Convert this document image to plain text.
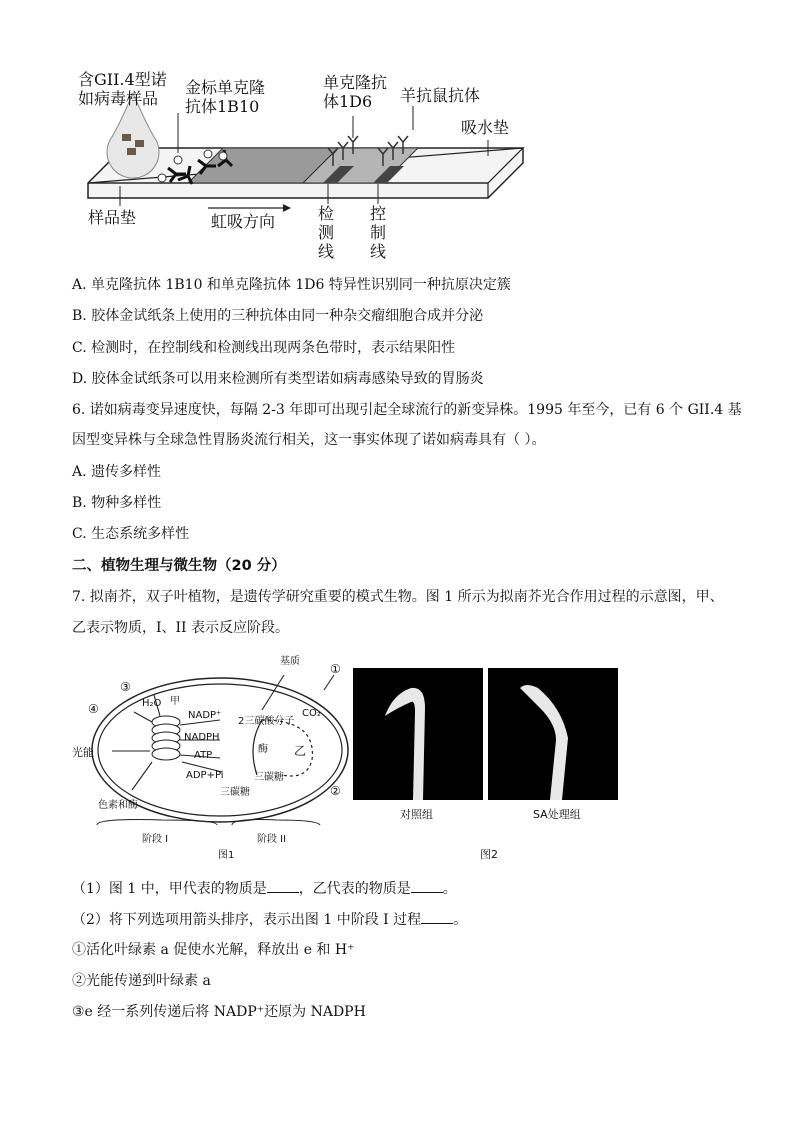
含GII.4型诺
如病毒样品
金标单克隆
抗体1B10
单克隆抗
体1D6	羊抗鼠抗体
吸水垫
样品垫	虹吸方向	检
测
线
控
制
线
A. 单克隆抗体 1B10 和单克隆抗体 1D6 特异性识别同一种抗原决定簇
B. 胶体金试纸条上使用的三种抗体由同一种杂交瘤细胞合成并分泌
C. 检测时，在控制线和检测线出现两条色带时，表示结果阳性
D. 胶体金试纸条可以用来检测所有类型诺如病毒感染导致的胃肠炎
6. 诺如病毒变异速度快，每隔 2-3 年即可出现引起全球流行的新变异株。1995 年至今，已有 6 个 GII.4 基
因型变异株与全球急性胃肠炎流行相关，这一事实体现了诺如病毒具有（ ）。
A. 遗传多样性
B. 物种多样性
C. 生态系统多样性
二、植物生理与微生物（20 分）
7. 拟南芥，双子叶植物，是遗传学研究重要的模式生物。图 1 所示为拟南芥光合作用过程的示意图，甲、
乙表示物质，I、II 表示反应阶段。
①
②
③
④
基质
H₂O 甲
NADP⁺
NADPH
ATP
ADP+Pi
2三碳酸分子
CO₂
酶 乙
三碳糖
三碳糖
光能
色素和酶
阶段 I	阶段 II
图1
对照组	SA处理组
图2
（1）图 1 中，甲代表的物质是 ，乙代表的物质是 。
（2）将下列选项用箭头排序，表示出图 1 中阶段 I 过程 。
①活化叶绿素 a 促使水光解，释放出 e 和 H⁺
②光能传递到叶绿素 a
③e 经一系列传递后将 NADP⁺还原为 NADPH
